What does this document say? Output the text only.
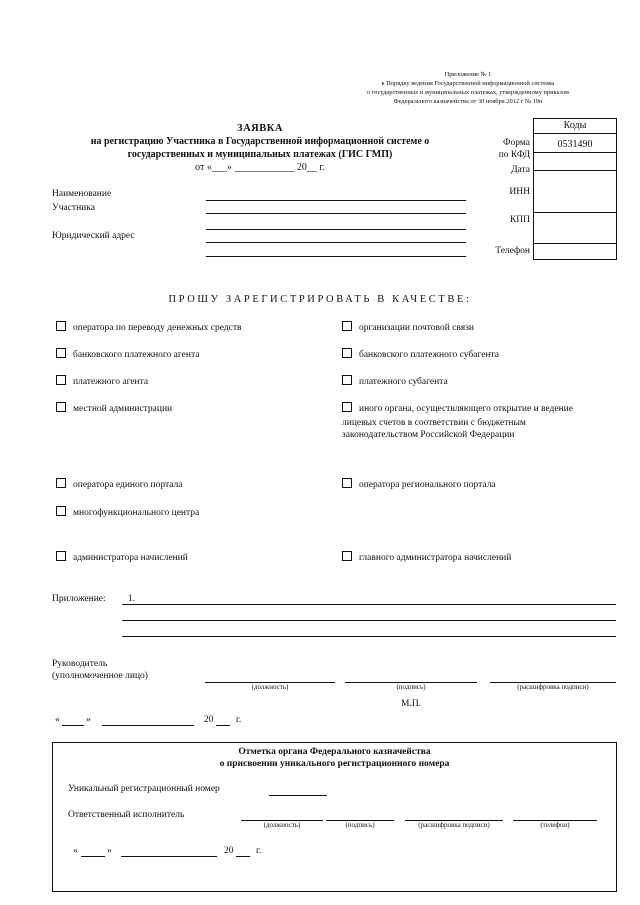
Приложение № 1
к Порядку ведения Государственной информационной системы
о государственных и муниципальных платежах, утвержденному приказом
Федерального казначейства от 30 ноября 2012 г № 19н
ЗАЯВКА
на регистрацию Участника в Государственной информационной системе о
государственных и муниципальных платежах (ГИС ГМП)
от «___» ____________ 20__ г.
Коды
0531490
Форма
по КФД
Дата
ИНН
КПП
Телефон
Наименование
Участника
Юридический адрес
ПРОШУ ЗАРЕГИСТРИРОВАТЬ В КАЧЕСТВЕ:
оператора по переводу денежных средств	организации почтовой связи
банковского платежного агента	банковского платежного субагента
платежного агента	платежного субагента
местной администрации	иного органа, осуществляющего открытие и ведение
лицевых счетов в соответствии с бюджетным
законодательством Российской Федерации
оператора единого портала	оператора регионального портала
многофункционального центра
администратора начислений	главного администратора начислений
Приложение: 1.
Руководитель
(уполномоченное лицо)
(должность)	(подпись)	(расшифровка подписи)
М.П.
«	»	20 г.
Отметка органа Федерального казначейства
о присвоении уникального регистрационного номера
Уникальный регистрационный номер
Ответственный исполнитель
(должность)	(подпись)	(расшифровка подписи)	(телефон)
«	»	20 г.
